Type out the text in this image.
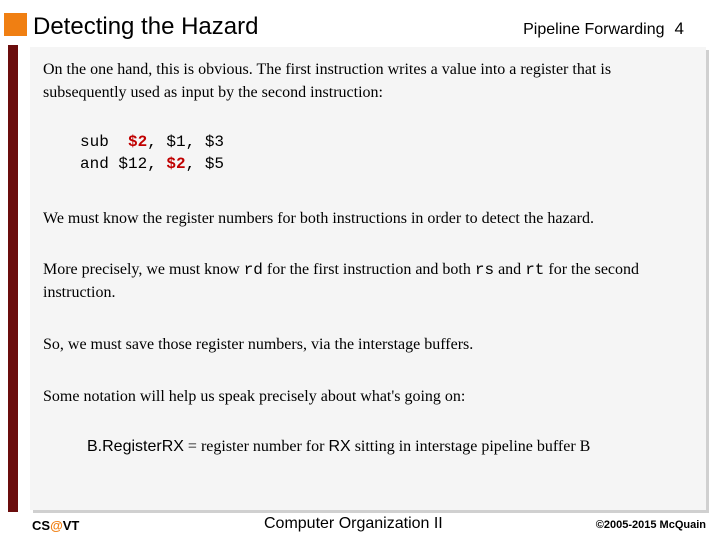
Detecting the Hazard	Pipeline Forwarding 4
On the one hand, this is obvious. The first instruction writes a value into a register that is subsequently used as input by the second instruction:
sub  $2, $1, $3
and $12, $2, $5
We must know the register numbers for both instructions in order to detect the hazard.
More precisely, we must know rd for the first instruction and both rs and rt for the second instruction.
So, we must save those register numbers, via the interstage buffers.
Some notation will help us speak precisely about what's going on:
B.RegisterRX = register number for RX sitting in interstage pipeline buffer B
CS@VT	Computer Organization II	©2005-2015 McQuain
